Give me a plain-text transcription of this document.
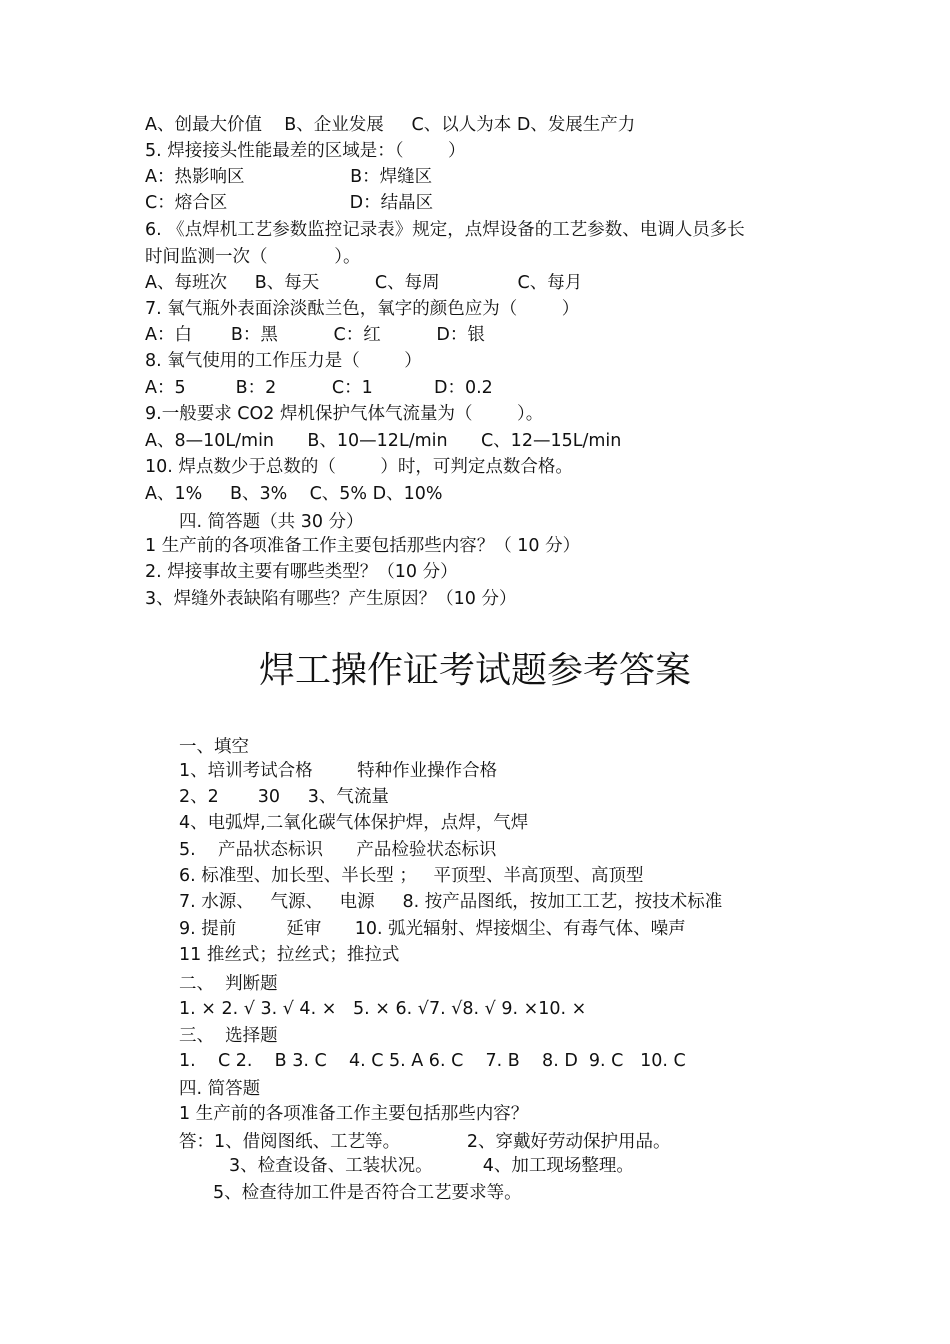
A、创最大价值    B、企业发展     C、以人为本 D、发展生产力
5. 焊接接头性能最差的区域是：（        ）
A：热影响区                   B：焊缝区
C：熔合区                      D：结晶区
6. 《点焊机工艺参数监控记录表》规定，点焊设备的工艺参数、电调人员多长
时间监测一次（            ）。
A、每班次     B、每天          C、每周              C、每月
7. 氧气瓶外表面涂淡酞兰色，氧字的颜色应为（        ）
A：白       B：黑          C：红          D：银
8. 氧气使用的工作压力是（        ）
A：5         B：2          C：1           D：0.2
9.一般要求 CO2 焊机保护气体气流量为（        ）。
A、8—10L/min      B、10—12L/min      C、12—15L/min
10. 焊点数少于总数的（        ）时，可判定点数合格。
A、1%     B、3%    C、5% D、10%
四. 简答题（共 30 分）
1 生产前的各项准备工作主要包括那些内容？（ 10 分）
2. 焊接事故主要有哪些类型？（10 分）
3、焊缝外表缺陷有哪些？产生原因？（10 分）
焊工操作证考试题参考答案
一、填空
1、培训考试合格        特种作业操作合格
2、2       30     3、气流量
4、电弧焊,二氧化碳气体保护焊，点焊，气焊
5.    产品状态标识      产品检验状态标识
6. 标准型、加长型、半长型 ；   平顶型、半高顶型、高顶型
7. 水源、   气源、   电源     8. 按产品图纸，按加工工艺，按技术标准
9. 提前         延审      10. 弧光辐射、焊接烟尘、有毒气体、噪声
11 推丝式；拉丝式；推拉式
二、  判断题
1. × 2. √ 3. √ 4. ×   5. × 6. √7. √8. √ 9. ×10. ×
三、  选择题
1.    C 2.    B 3. C    4. C 5. A 6. C    7. B    8. D  9. C   10. C
四. 简答题
1 生产前的各项准备工作主要包括那些内容？
答：1、借阅图纸、工艺等。            2、穿戴好劳动保护用品。
3、检查设备、工装状况。         4、加工现场整理。
5、检查待加工件是否符合工艺要求等。
